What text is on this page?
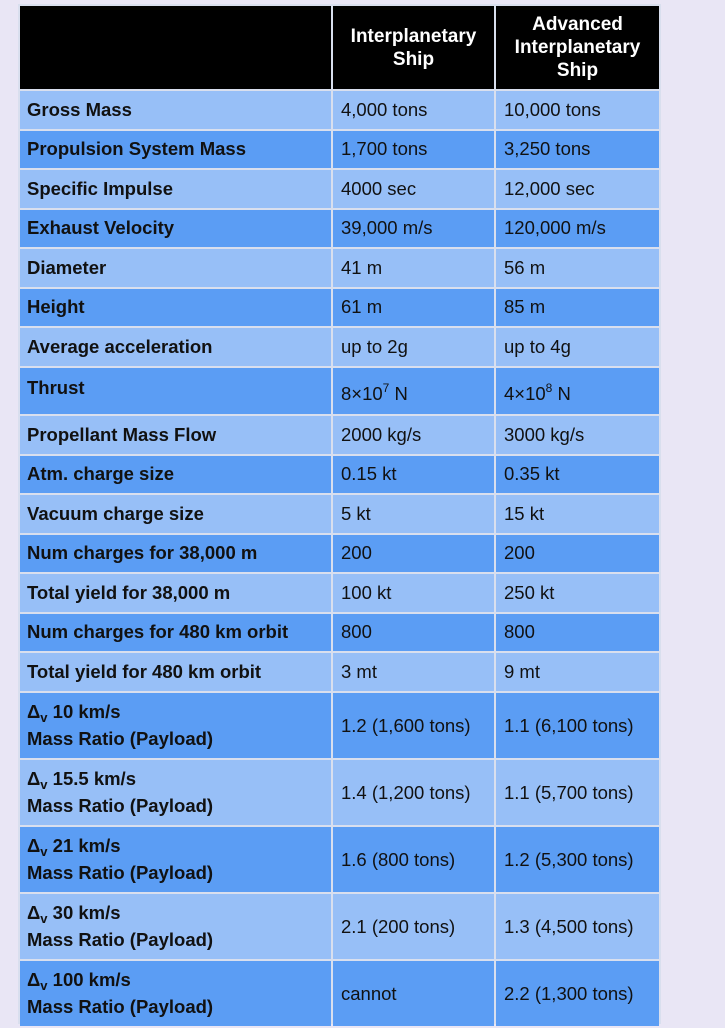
	Interplanetary Ship	Advanced Interplanetary Ship
Gross Mass	4,000 tons	10,000 tons
Propulsion System Mass	1,700 tons	3,250 tons
Specific Impulse	4000 sec	12,000 sec
Exhaust Velocity	39,000 m/s	120,000 m/s
Diameter	41 m	56 m
Height	61 m	85 m
Average acceleration	up to 2g	up to 4g
Thrust	$8\times 10^7$ N	$4\times 10^8$ N
Propellant Mass Flow	2000 kg/s	3000 kg/s
Atm. charge size	0.15 kt	0.35 kt
Vacuum charge size	5 kt	15 kt
Num charges for 38,000 m	200	200
Total yield for 38,000 m	100 kt	250 kt
Num charges for 480 km orbit	800	800
Total yield for 480 km orbit	3 mt	9 mt

$\Delta_v$ 10 km/s
Mass Ratio (Payload)	1.2 (1,600 tons)	1.1 (6,100 tons)

$\Delta_v$ 15.5 km/s
Mass Ratio (Payload)	1.4 (1,200 tons)	1.1 (5,700 tons)

$\Delta_v$ 21 km/s
Mass Ratio (Payload)	1.6 (800 tons)	1.2 (5,300 tons)

$\Delta_v$ 30 km/s
Mass Ratio (Payload)	2.1 (200 tons)	1.3 (4,500 tons)

$\Delta_v$ 100 km/s
Mass Ratio (Payload)	cannot	2.2 (1,300 tons)
